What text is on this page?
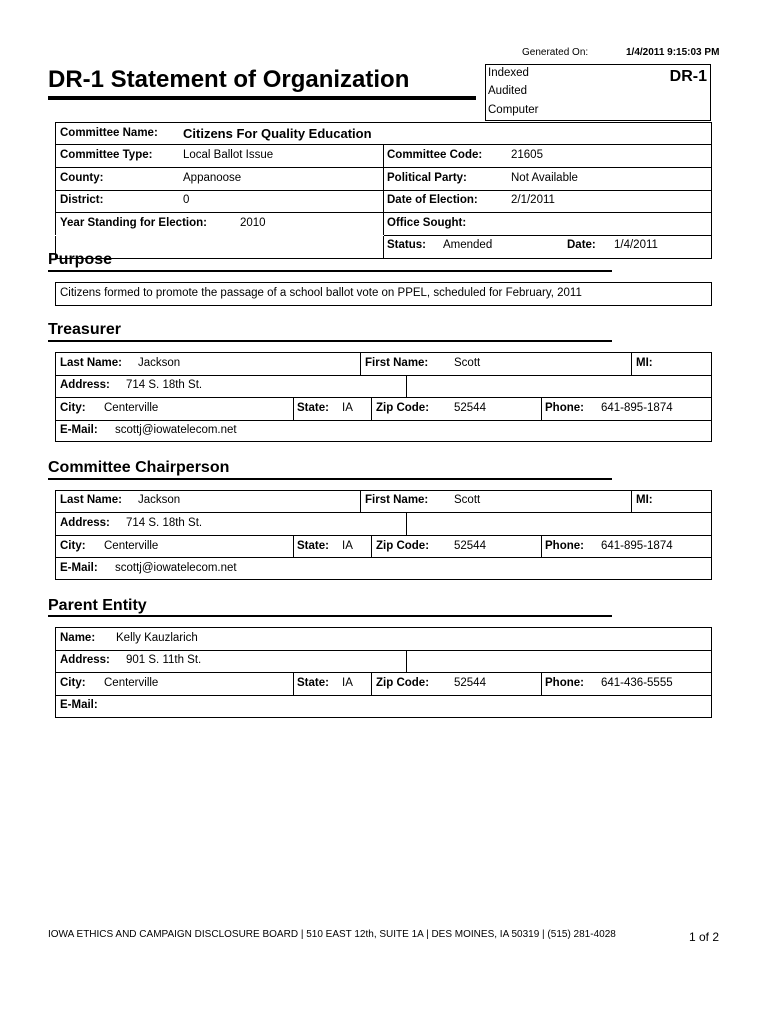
Generated On:	1/4/2011 9:15:03 PM
DR-1 Statement of Organization	Indexed
Audited
Computer
DR-1
Committee Name: Citizens For Quality Education
Committee Type:	Local Ballot Issue	Committee Code:	21605
County:	Appanoose	Political Party:	Not Available
District:	0	Date of Election:	2/1/2011
Year Standing for Election:	2010	Office Sought:
Status: Amended	Date: 1/4/2011
Purpose
Citizens formed to promote the passage of a school ballot vote on PPEL, scheduled for February, 2011
Treasurer
Last Name: Jackson	First Name: Scott	MI:
Address: 714 S. 18th St.
City: Centerville	State: IA Zip Code: 52544	Phone: 641-895-1874
E-Mail: scottj@iowatelecom.net
Committee Chairperson
Last Name: Jackson	First Name: Scott	MI:
Address: 714 S. 18th St.
City: Centerville	State: IA Zip Code: 52544	Phone: 641-895-1874
E-Mail: scottj@iowatelecom.net
Parent Entity
Name: Kelly Kauzlarich
Address: 901 S. 11th St.
City: Centerville	State: IA Zip Code: 52544	Phone: 641-436-5555
E-Mail:
IOWA ETHICS AND CAMPAIGN DISCLOSURE BOARD | 510 EAST 12th, SUITE 1A | DES MOINES, IA 50319 | (515) 281-4028	1 of 2
